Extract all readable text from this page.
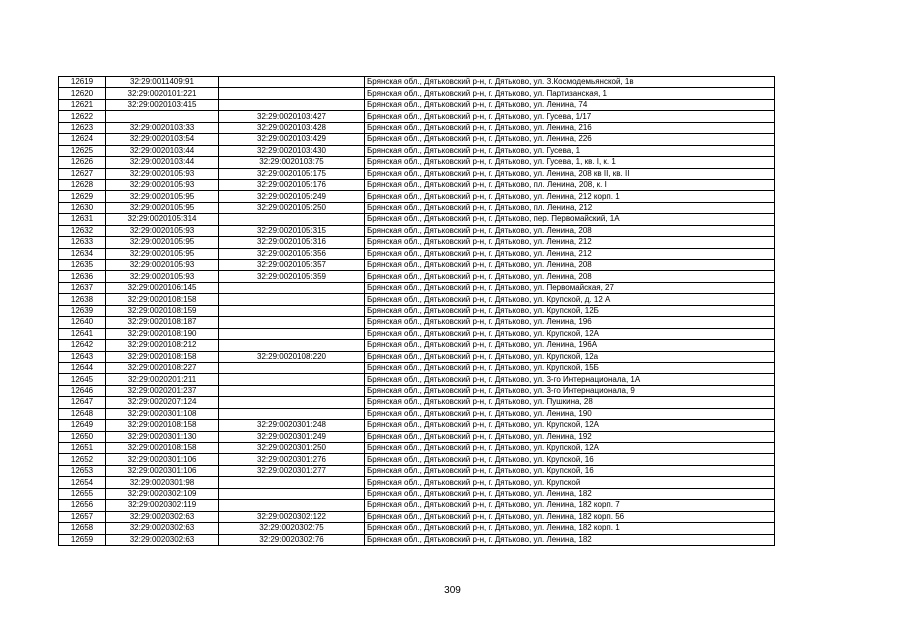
12619	32:29:0011409:91		Брянская обл., Дятьковский р-н, г. Дятьково, ул. З.Космодемьянской, 1в
12620	32:29:0020101:221		Брянская обл., Дятьковский р-н, г. Дятьково, ул. Партизанская, 1
12621	32:29:0020103:415		Брянская обл., Дятьковский р-н, г. Дятьково, ул. Ленина, 74
12622		32:29:0020103:427	Брянская обл., Дятьковский р-н, г. Дятьково, ул. Гусева, 1/17
12623	32:29:0020103:33	32:29:0020103:428	Брянская обл., Дятьковский р-н, г. Дятьково, ул. Ленина, 216
12624	32:29:0020103:54	32:29:0020103:429	Брянская обл., Дятьковский р-н, г. Дятьково, ул. Ленина, 226
12625	32:29:0020103:44	32:29:0020103:430	Брянская обл., Дятьковский р-н, г. Дятьково, ул. Гусева, 1
12626	32:29:0020103:44	32:29:0020103:75	Брянская обл., Дятьковский р-н, г. Дятьково, ул. Гусева, 1, кв. I, к. 1
12627	32:29:0020105:93	32:29:0020105:175	Брянская обл., Дятьковский р-н, г. Дятьково, ул. Ленина, 208 кв II, кв. II
12628	32:29:0020105:93	32:29:0020105:176	Брянская обл., Дятьковский р-н, г. Дятьково, пл. Ленина, 208, к. I
12629	32:29:0020105:95	32:29:0020105:249	Брянская обл., Дятьковский р-н, г. Дятьково, ул. Ленина, 212 корп. 1
12630	32:29:0020105:95	32:29:0020105:250	Брянская обл., Дятьковский р-н, г. Дятьково, пл. Ленина, 212
12631	32:29:0020105:314		Брянская обл., Дятьковский р-н, г. Дятьково, пер. Первомайский, 1А
12632	32:29:0020105:93	32:29:0020105:315	Брянская обл., Дятьковский р-н, г. Дятьково, ул. Ленина, 208
12633	32:29:0020105:95	32:29:0020105:316	Брянская обл., Дятьковский р-н, г. Дятьково, ул. Ленина, 212
12634	32:29:0020105:95	32:29:0020105:356	Брянская обл., Дятьковский р-н, г. Дятьково, ул. Ленина, 212
12635	32:29:0020105:93	32:29:0020105:357	Брянская обл., Дятьковский р-н, г. Дятьково, ул. Ленина, 208
12636	32:29:0020105:93	32:29:0020105:359	Брянская обл., Дятьковский р-н, г. Дятьково, ул. Ленина, 208
12637	32:29:0020106:145		Брянская обл., Дятьковский р-н, г. Дятьково, ул. Первомайская, 27
12638	32:29:0020108:158		Брянская обл., Дятьковский р-н, г. Дятьково, ул. Крупской, д. 12 А
12639	32:29:0020108:159		Брянская обл., Дятьковский р-н, г. Дятьково, ул. Крупской, 12Б
12640	32:29:0020108:187		Брянская обл., Дятьковский р-н, г. Дятьково, ул. Ленина, 196
12641	32:29:0020108:190		Брянская обл., Дятьковский р-н, г. Дятьково, ул. Крупской, 12А
12642	32:29:0020108:212		Брянская обл., Дятьковский р-н, г. Дятьково, ул. Ленина, 196А
12643	32:29:0020108:158	32:29:0020108:220	Брянская обл., Дятьковский р-н, г. Дятьково, ул. Крупской, 12а
12644	32:29:0020108:227		Брянская обл., Дятьковский р-н, г. Дятьково, ул. Крупской, 15Б
12645	32:29:0020201:211		Брянская обл., Дятьковский р-н, г. Дятьково, ул. 3-го Интернационала, 1А
12646	32:29:0020201:237		Брянская обл., Дятьковский р-н, г. Дятьково, ул. 3-го Интернационала, 9
12647	32:29:0020207:124		Брянская обл., Дятьковский р-н, г. Дятьково, ул. Пушкина, 28
12648	32:29:0020301:108		Брянская обл., Дятьковский р-н, г. Дятьково, ул. Ленина, 190
12649	32:29:0020108:158	32:29:0020301:248	Брянская обл., Дятьковский р-н, г. Дятьково, ул. Крупской, 12А
12650	32:29:0020301:130	32:29:0020301:249	Брянская обл., Дятьковский р-н, г. Дятьково, ул. Ленина, 192
12651	32:29:0020108:158	32:29:0020301:250	Брянская обл., Дятьковский р-н, г. Дятьково, ул. Крупской, 12А
12652	32:29:0020301:106	32:29:0020301:276	Брянская обл., Дятьковский р-н, г. Дятьково, ул. Крупской, 16
12653	32:29:0020301:106	32:29:0020301:277	Брянская обл., Дятьковский р-н, г. Дятьково, ул. Крупской, 16
12654	32:29:0020301:98		Брянская обл., Дятьковский р-н, г. Дятьково, ул. Крупской
12655	32:29:0020302:109		Брянская обл., Дятьковский р-н, г. Дятьково, ул. Ленина, 182
12656	32:29:0020302:119		Брянская обл., Дятьковский р-н, г. Дятьково, ул. Ленина, 182 корп. 7
12657	32:29:0020302:63	32:29:0020302:122	Брянская обл., Дятьковский р-н, г. Дятьково, ул. Ленина, 182 корп. 56
12658	32:29:0020302:63	32:29:0020302:75	Брянская обл., Дятьковский р-н, г. Дятьково, ул. Ленина, 182 корп. 1
12659	32:29:0020302:63	32:29:0020302:76	Брянская обл., Дятьковский р-н, г. Дятьково, ул. Ленина, 182
309
